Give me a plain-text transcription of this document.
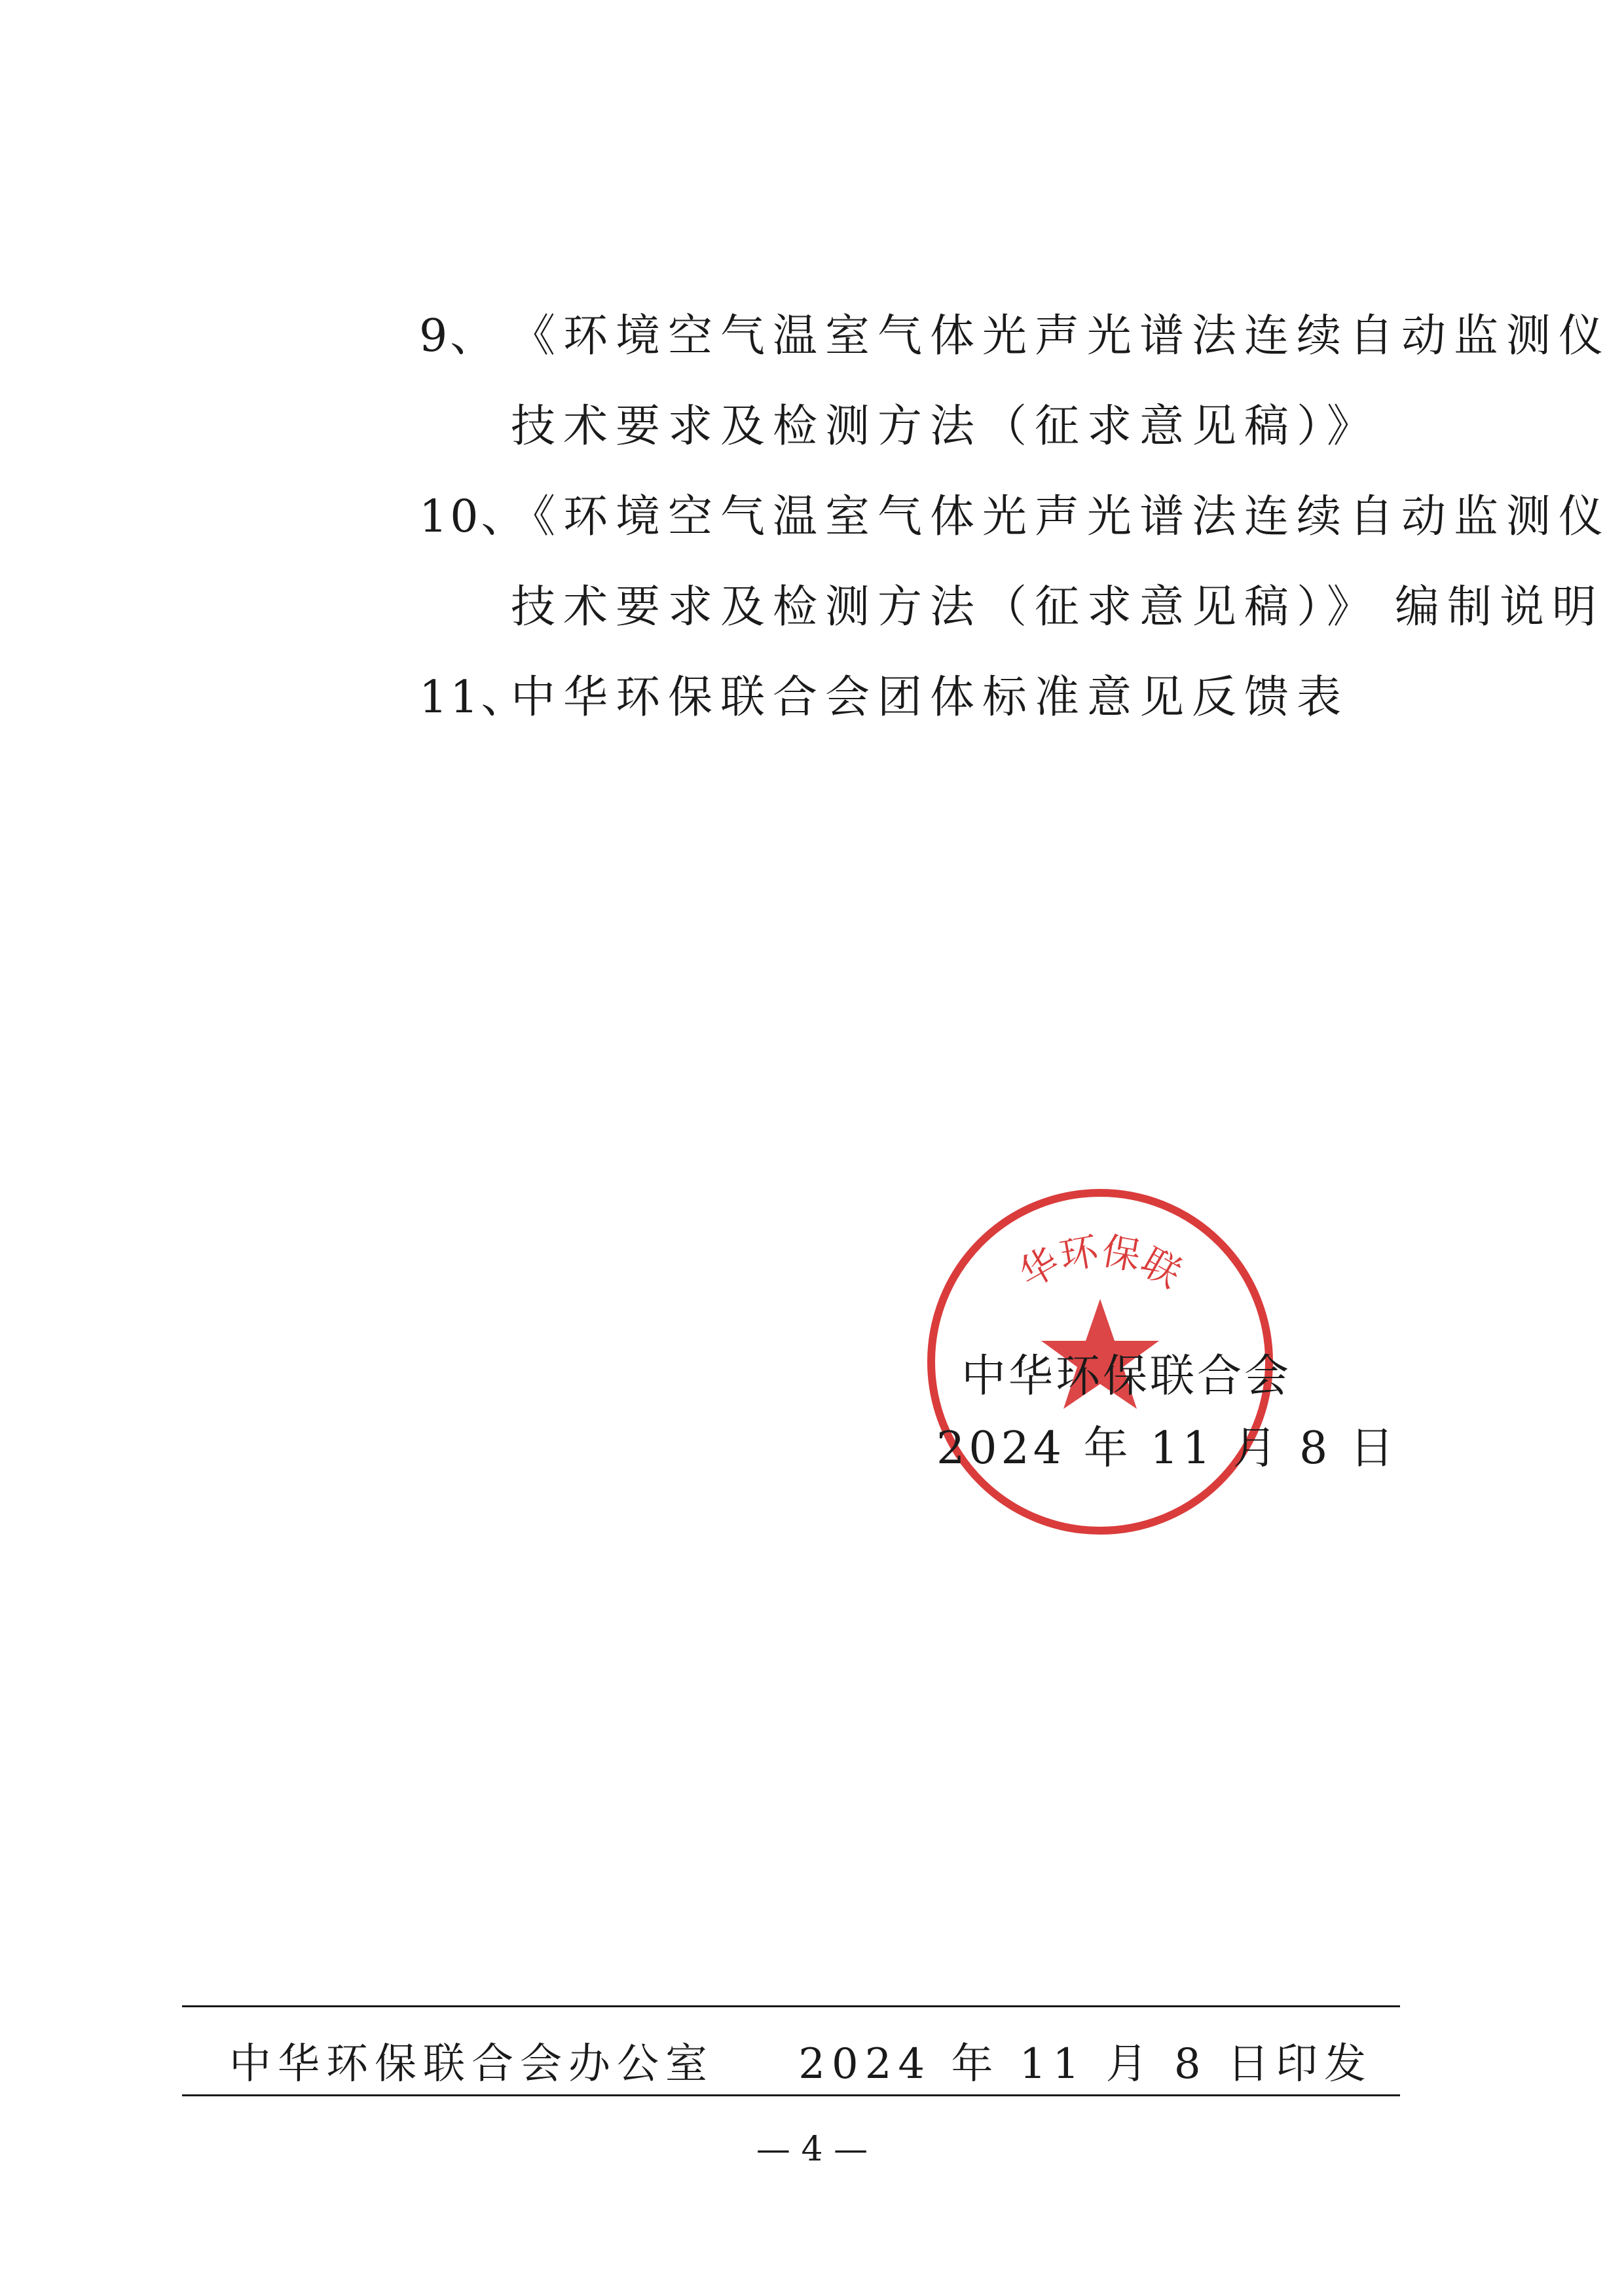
9、 《环境空气温室气体光声光谱法连续自动监测仪
技术要求及检测方法（征求意见稿）》
10、《环境空气温室气体光声光谱法连续自动监测仪
技术要求及检测方法（征求意见稿）》 编制说明
11、中华环保联合会团体标准意见反馈表
华环保联
中华环保联合会
2024 年 11 月 8 日
中华环保联合会办公室 2024 年 11 月 8 日印发
— 4 —
